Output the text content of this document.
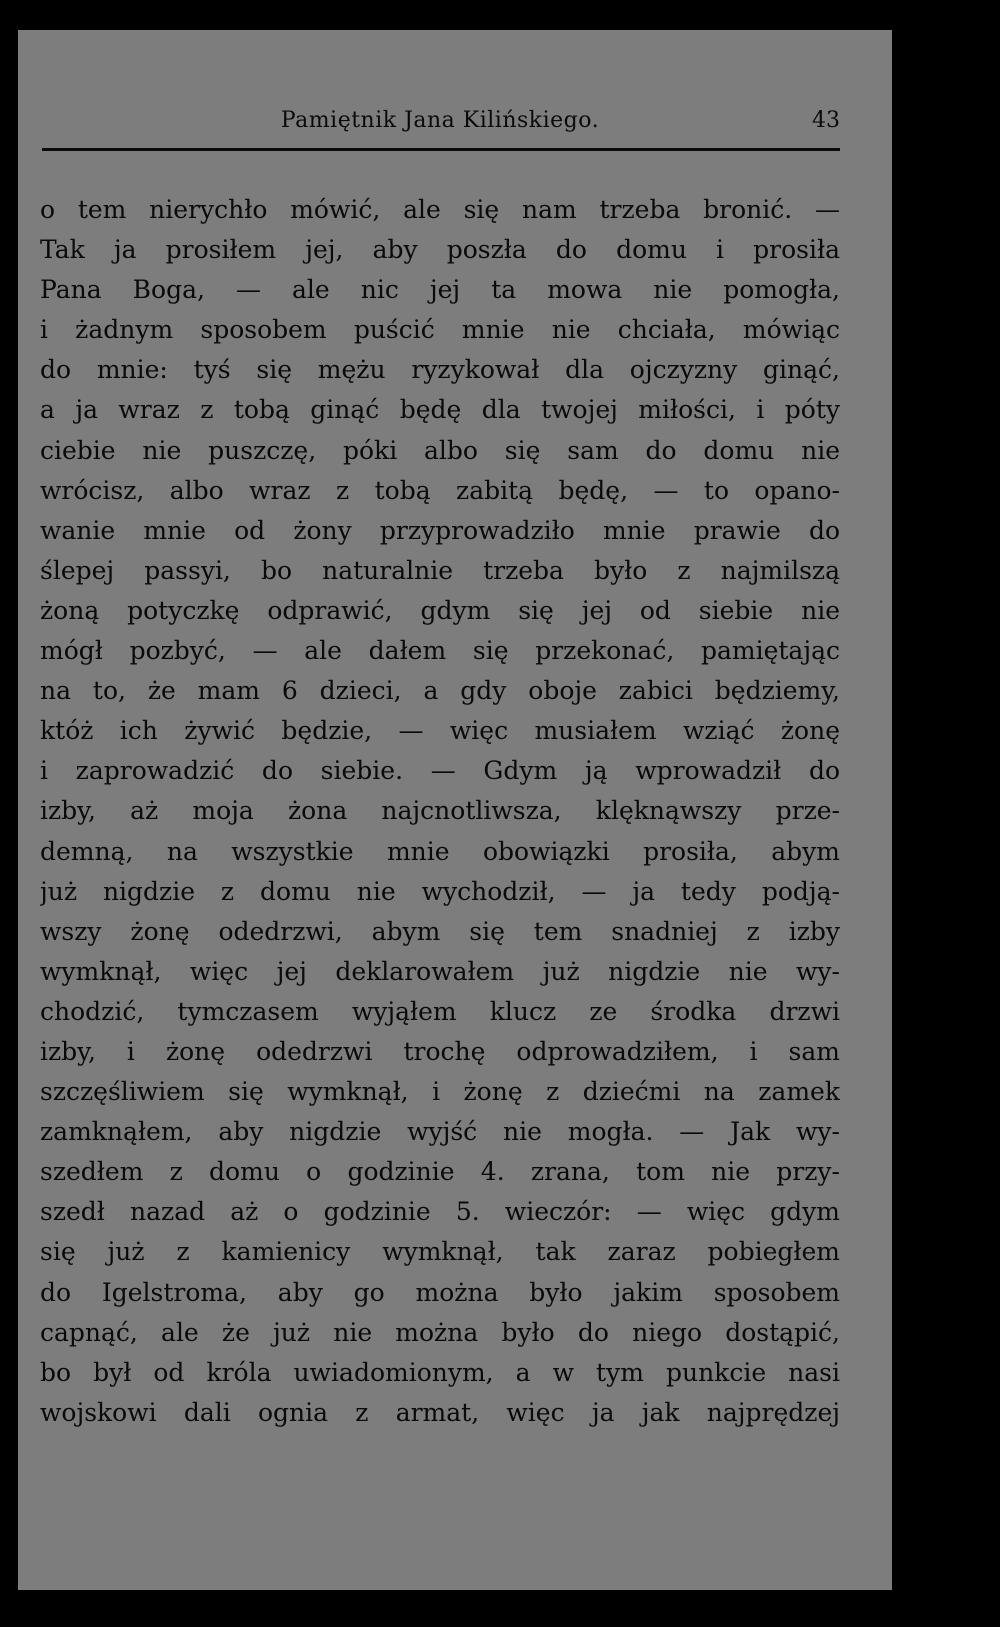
Pamiętnik Jana Kilińskiego.	43
o tem nierychło mówić, ale się nam trzeba bronić. —
Tak ja prosiłem jej, aby poszła do domu i prosiła
Pana Boga, — ale nic jej ta mowa nie pomogła,
i żadnym sposobem puścić mnie nie chciała, mówiąc
do mnie: tyś się mężu ryzykował dla ojczyzny ginąć,
a ja wraz z tobą ginąć będę dla twojej miłości, i póty
ciebie nie puszczę, póki albo się sam do domu nie
wrócisz, albo wraz z tobą zabitą będę, — to opano-
wanie mnie od żony przyprowadziło mnie prawie do
ślepej passyi, bo naturalnie trzeba było z najmilszą
żoną potyczkę odprawić, gdym się jej od siebie nie
mógł pozbyć, — ale dałem się przekonać, pamiętając
na to, że mam 6 dzieci, a gdy oboje zabici będziemy,
któż ich żywić będzie, — więc musiałem wziąć żonę
i zaprowadzić do siebie. — Gdym ją wprowadził do
izby, aż moja żona najcnotliwsza, klęknąwszy prze-
demną, na wszystkie mnie obowiązki prosiła, abym
już nigdzie z domu nie wychodził, — ja tedy podją-
wszy żonę odedrzwi, abym się tem snadniej z izby
wymknął, więc jej deklarowałem już nigdzie nie wy-
chodzić, tymczasem wyjąłem klucz ze środka drzwi
izby, i żonę odedrzwi trochę odprowadziłem, i sam
szczęśliwiem się wymknął, i żonę z dziećmi na zamek
zamknąłem, aby nigdzie wyjść nie mogła. — Jak wy-
szedłem z domu o godzinie 4. zrana, tom nie przy-
szedł nazad aż o godzinie 5. wieczór: — więc gdym
się już z kamienicy wymknął, tak zaraz pobiegłem
do Igelstroma, aby go można było jakim sposobem
capnąć, ale że już nie można było do niego dostąpić,
bo był od króla uwiadomionym, a w tym punkcie nasi
wojskowi dali ognia z armat, więc ja jak najprędzej
